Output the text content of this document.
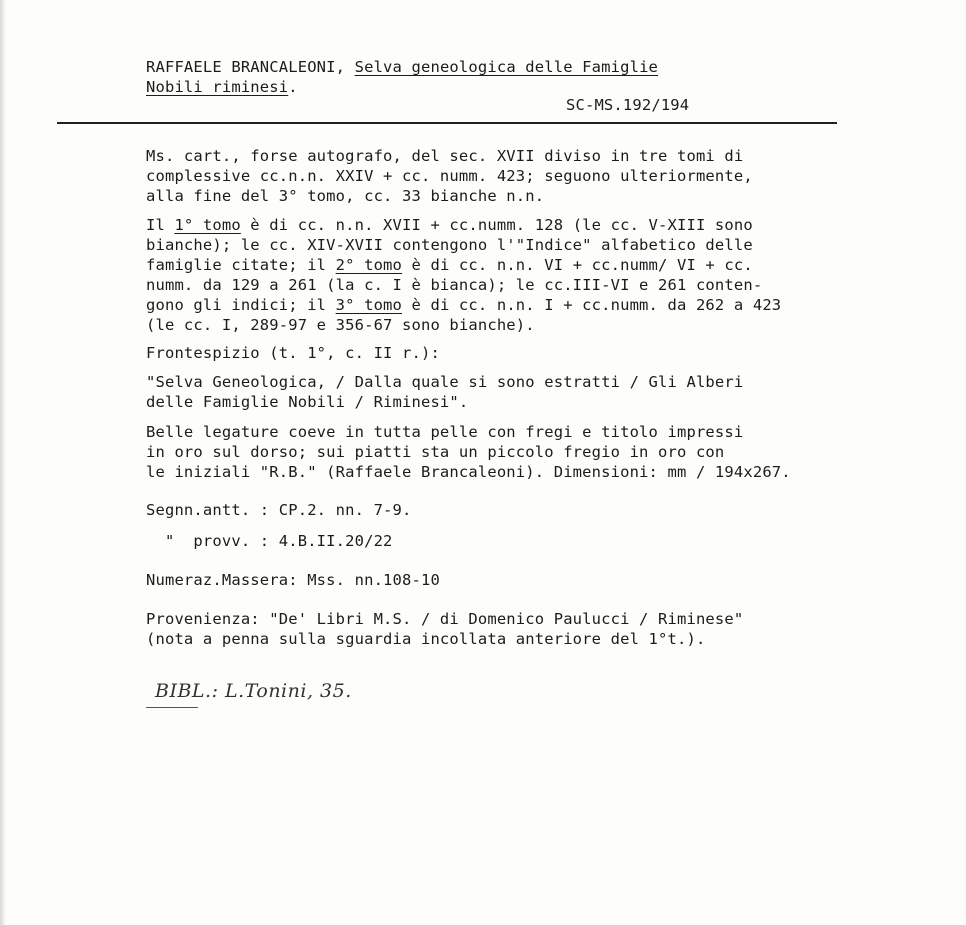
RAFFAELE BRANCALEONI, Selva geneologica delle Famiglie
Nobili riminesi.
SC-MS.192/194
Ms. cart., forse autografo, del sec. XVII diviso in tre tomi di
complessive cc.n.n. XXIV + cc. numm. 423; seguono ulteriormente,
alla fine del 3° tomo, cc. 33 bianche n.n.
Il 1° tomo è di cc. n.n. XVII + cc.numm. 128 (le cc. V-XIII sono
bianche); le cc. XIV-XVII contengono l'"Indice" alfabetico delle
famiglie citate; il 2° tomo è di cc. n.n. VI + cc.numm/ VI + cc.
numm. da 129 a 261 (la c. I è bianca); le cc.III-VI e 261 conten-
gono gli indici; il 3° tomo è di cc. n.n. I + cc.numm. da 262 a 423
(le cc. I, 289-97 e 356-67 sono bianche).
Frontespizio (t. 1°, c. II r.):
"Selva Geneologica, / Dalla quale si sono estratti / Gli Alberi
delle Famiglie Nobili / Riminesi".
Belle legature coeve in tutta pelle con fregi e titolo impressi
in oro sul dorso; sui piatti sta un piccolo fregio in oro con
le iniziali "R.B." (Raffaele Brancaleoni). Dimensioni: mm / 194x267.
Segnn.antt. : CP.2. nn. 7-9.
"  provv. : 4.B.II.20/22
Numeraz.Massera: Mss. nn.108-10
Provenienza: "De' Libri M.S. / di Domenico Paulucci / Riminese"
(nota a penna sulla sguardia incollata anteriore del 1°t.).
BIBL.: L.Tonini, 35.
